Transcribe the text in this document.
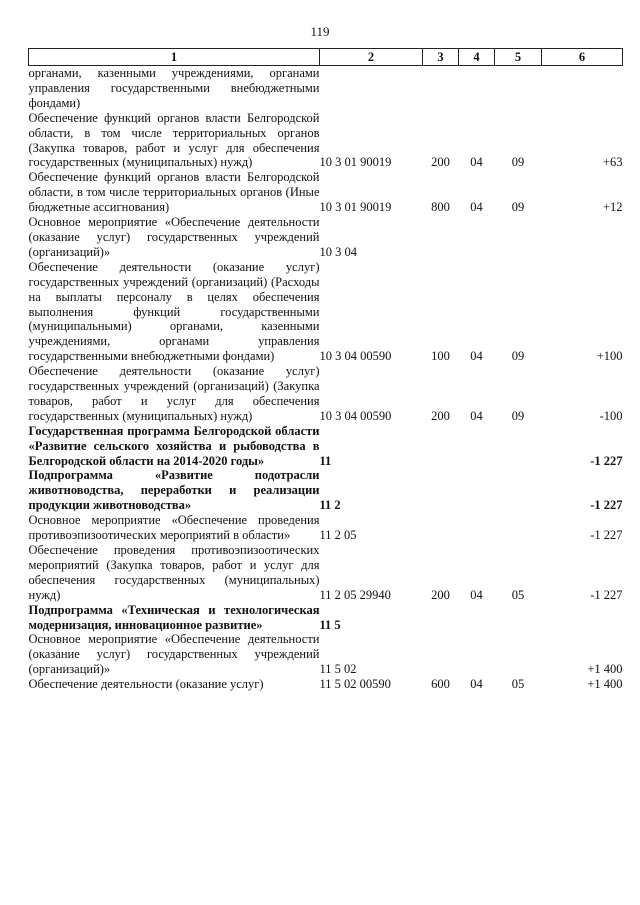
119
1	2	3	4	5	6
органами, казенными учреждениями, органами управления государственными внебюджетными фондами)					
Обеспечение функций органов власти Белгородской области, в том числе территориальных органов (Закупка товаров, работ и услуг для обеспечения государственных (муниципальных) нужд)	10 3 01 90019	200	04	09	+63
Обеспечение функций органов власти Белгородской области, в том числе территориальных органов (Иные бюджетные ассигнования)	10 3 01 90019	800	04	09	+12
Основное мероприятие «Обеспечение деятельности (оказание услуг) государственных учреждений (организаций)»	10 3 04				
Обеспечение деятельности (оказание услуг) государственных учреждений (организаций) (Расходы на выплаты персоналу в целях обеспечения выполнения функций государственными (муниципальными) органами, казенными учреждениями, органами управления государственными внебюджетными фондами)	10 3 04 00590	100	04	09	+100
Обеспечение деятельности (оказание услуг) государственных учреждений (организаций) (Закупка товаров, работ и услуг для обеспечения государственных (муниципальных) нужд)	10 3 04 00590	200	04	09	-100
Государственная программа Белгородской области «Развитие сельского хозяйства и рыбоводства в Белгородской области на 2014-2020 годы»	11				-1 227
Подпрограмма «Развитие подотрасли животноводства, переработки и реализации продукции животноводства»	11 2				-1 227
Основное мероприятие «Обеспечение проведения противоэпизоотических мероприятий в области»	11 2 05				-1 227
Обеспечение проведения противоэпизоотических мероприятий (Закупка товаров, работ и услуг для обеспечения государственных (муниципальных) нужд)	11 2 05 29940	200	04	05	-1 227
Подпрограмма «Техническая и технологическая модернизация, инновационное развитие»	11 5				
Основное мероприятие «Обеспечение деятельности (оказание услуг) государственных учреждений (организаций)»	11 5 02				+1 400
Обеспечение деятельности (оказание услуг)	11 5 02 00590	600	04	05	+1 400
